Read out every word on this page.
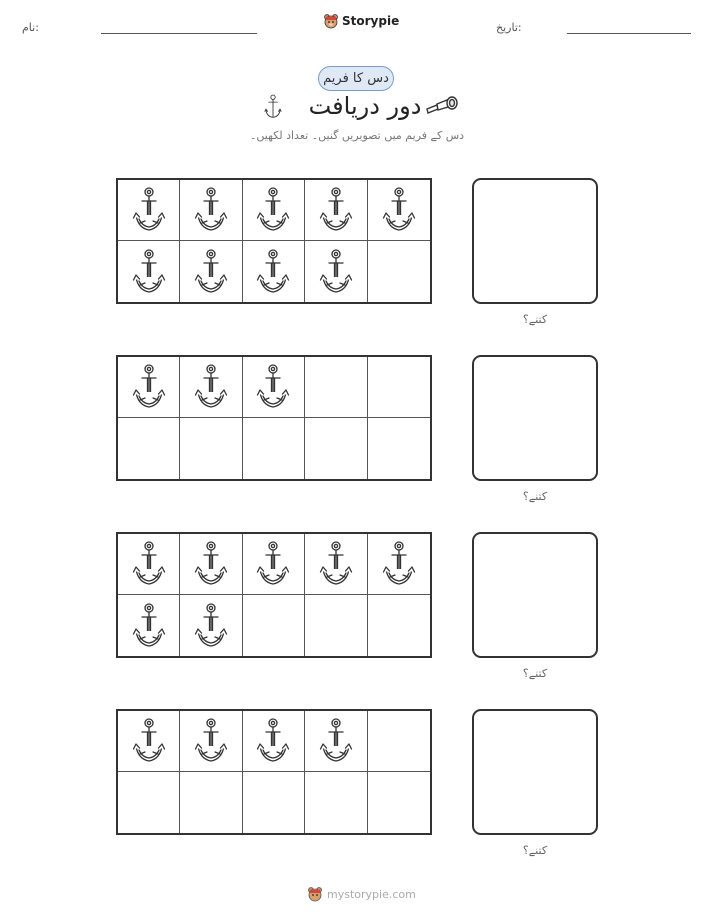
نام:	Storypie	تاریخ:
دس کا فریم
دور دریافت
دس کے فریم میں تصویریں گنیں۔ تعداد لکھیں۔
کتنے؟
کتنے؟
کتنے؟
کتنے؟
mystorypie.com
